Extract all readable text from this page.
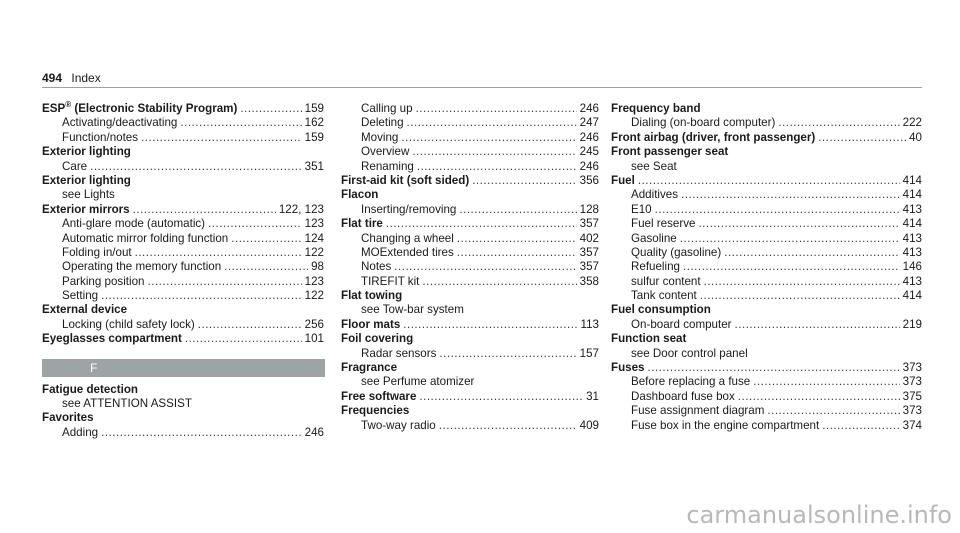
494 Index
ESP® (Electronic Stability Program) .....	159
Activating/deactivating .....	162
Function/notes .....	159
Exterior lighting
Care .....	351
Exterior lighting
see Lights
Exterior mirrors .....	122, 123
Anti-glare mode (automatic) .....	123
Automatic mirror folding function .....	124
Folding in/out .....	122
Operating the memory function .....	98
Parking position .....	123
Setting .....	122
External device
Locking (child safety lock) .....	256
Eyeglasses compartment .....	101
F
Fatigue detection
see ATTENTION ASSIST
Favorites
Adding .....	246
Calling up .....	246
Deleting .....	247
Moving .....	246
Overview .....	245
Renaming .....	246
First-aid kit (soft sided) .....	356
Flacon
Inserting/removing .....	128
Flat tire .....	357
Changing a wheel .....	402
MOExtended tires .....	357
Notes .....	357
TIREFIT kit .....	358
Flat towing
see Tow-bar system
Floor mats .....	113
Foil covering
Radar sensors .....	157
Fragrance
see Perfume atomizer
Free software .....	31
Frequencies
Two-way radio .....	409
Frequency band
Dialing (on-board computer) .....	222
Front airbag (driver, front passenger) .....	40
Front passenger seat
see Seat
Fuel .....	414
Additives .....	414
E10 .....	413
Fuel reserve .....	414
Gasoline .....	413
Quality (gasoline) .....	413
Refueling .....	146
sulfur content .....	413
Tank content .....	414
Fuel consumption
On-board computer .....	219
Function seat
see Door control panel
Fuses .....	373
Before replacing a fuse .....	373
Dashboard fuse box .....	375
Fuse assignment diagram .....	373
Fuse box in the engine compartment .....	374
carmanualsonline.info
